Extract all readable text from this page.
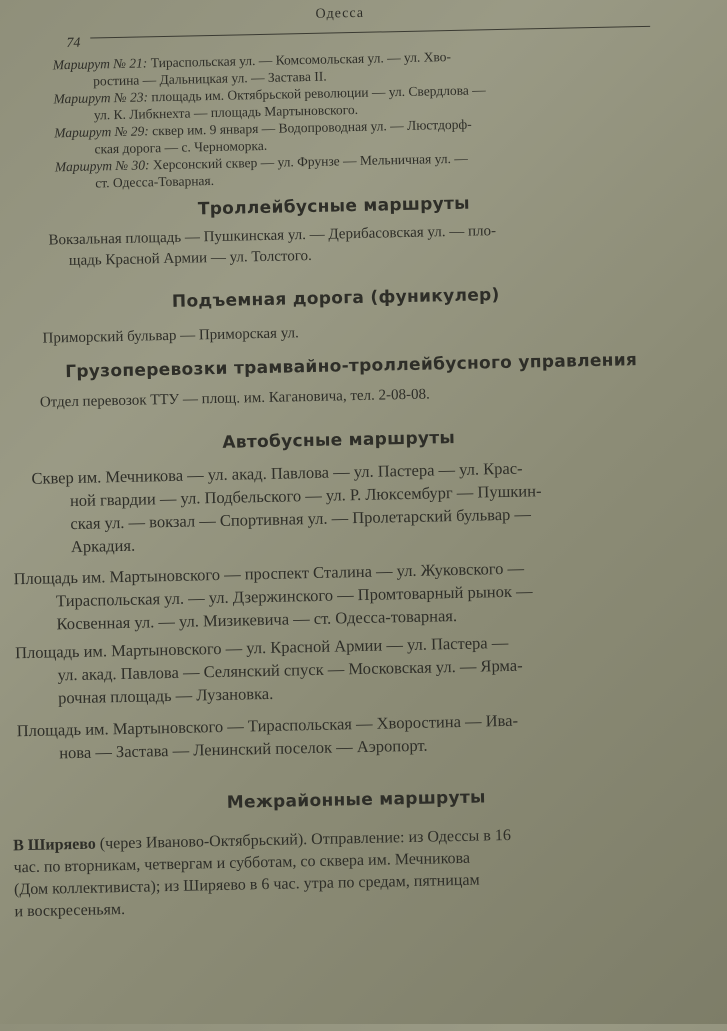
Одесса
74

Маршрут № 21: Тираспольская ул. — Комсомольская ул. — ул. Хво-
ростина — Дальницкая ул. — Застава II.

Маршрут № 23: площадь им. Октябрьской революции — ул. Свердлова —
ул. К. Либкнехта — площадь Мартыновского.

Маршрут № 29: сквер им. 9 января — Водопроводная ул. — Люстдорф-
ская дорога — с. Черноморка.

Маршрут № 30: Херсонский сквер — ул. Фрунзе — Мельничная ул. —
ст. Одесса-Товарная.

Троллейбусные маршруты
Вокзальная площадь — Пушкинская ул. — Дерибасовская ул. — пло-
щадь Красной Армии — ул. Толстого.
Подъемная дорога (фуникулер)
Приморский бульвар — Приморская ул.
Грузоперевозки трамвайно-троллейбусного управления
Отдел перевозок ТТУ — площ. им. Кагановича, тел. 2-08-08.
Автобусные маршруты
Сквер им. Мечникова — ул. акад. Павлова — ул. Пастера — ул. Крас-
ной гвардии — ул. Подбельского — ул. Р. Люксембург — Пушкин-
ская ул. — вокзал — Спортивная ул. — Пролетарский бульвар —
Аркадия.
Площадь им. Мартыновского — проспект Сталина — ул. Жуковского —
Тираспольская ул. — ул. Дзержинского — Промтоварный рынок —
Косвенная ул. — ул. Мизикевича — ст. Одесса-товарная.
Площадь им. Мартыновского — ул. Красной Армии — ул. Пастера —
ул. акад. Павлова — Селянский спуск — Московская ул. — Ярма-
рочная площадь — Лузановка.
Площадь им. Мартыновского — Тираспольская — Хворостина — Ива-
нова — Застава — Ленинский поселок — Аэропорт.
Межрайонные маршруты
В Ширяево (через Иваново-Октябрьский). Отправление: из Одессы в 16
час. по вторникам, четвергам и субботам, со сквера им. Мечникова
(Дом коллективиста); из Ширяево в 6 час. утра по средам, пятницам
и воскресеньям.
